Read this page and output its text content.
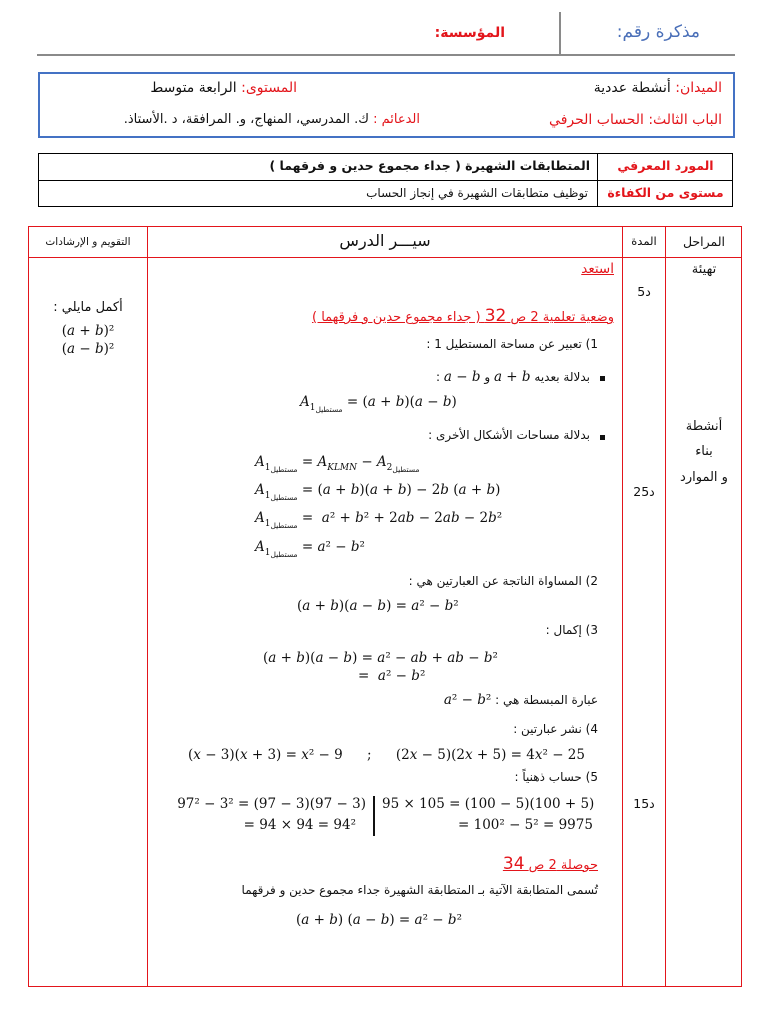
مذكرة رقم:
المؤسسة:
الميدان: أنشطة عددية
المستوى: الرابعة متوسط
الباب الثالث: الحساب الحرفي
الدعائم : ك. المدرسي، المنهاج، و. المرافقة، د .الأستاذ.
المورد المعرفي
مستوى من الكفاءة
المتطابقات الشهيرة ( جداء مجموع حدين و فرقهما )
توظيف متطابقات الشهيرة في إنجاز الحساب
المراحل
المدة
سيـــر الدرس
التقويم و الإرشادات
تهيئة
أنشطة
بناء
و الموارد
5د
25د
15د
أكمل مايلي :
(a + b)²
(a − b)²
استعد
وضعية تعلمية 2 ص 32 ( جداء مجموع حدين و فرقهما )
1) تعبير عن مساحة المستطيل 1 :
بدلالة بعديه a + b و a − b :
$A_{1مستطيل} = (a + b)(a - b)$
بدلالة مساحات الأشكال الأخرى :
$A_{1مستطيل} = A_{KLMN} - A_{2مستطيل}$
$A_{1مستطيل} = (a + b)(a + b) - 2b$ (a + b)
$A_{1مستطيل} = a^2 + b^2 + 2ab - 2ab - 2b^2$
$A_{1مستطيل} = a^2 - b^2$
2) المساواة الناتجة عن العبارتين هي :
(a + b)(a − b) = a² − b²
3) إكمال :
(a + b)(a − b) = a² − ab + ab − b²
=  a² − b²
عبارة المبسطة هي : a² − b²
4) نشر عبارتين :
(x − 3)(x + 3) = x² − 9 ; (2x − 5)(2x + 5) = 4x² − 25
5) حساب ذهنياً :
97² − 3² = (97 − 3)(97 − 3)
= 94 × 94 = 94²
95 × 105 = (100 − 5)(100 + 5)
= 100² − 5² = 9975
حوصلة 2 ص 34
تُسمى المتطابقة الآتية بـ المتطابقة الشهيرة جداء مجموع حدين و فرقهما
(a + b) (a − b) = a² − b²
